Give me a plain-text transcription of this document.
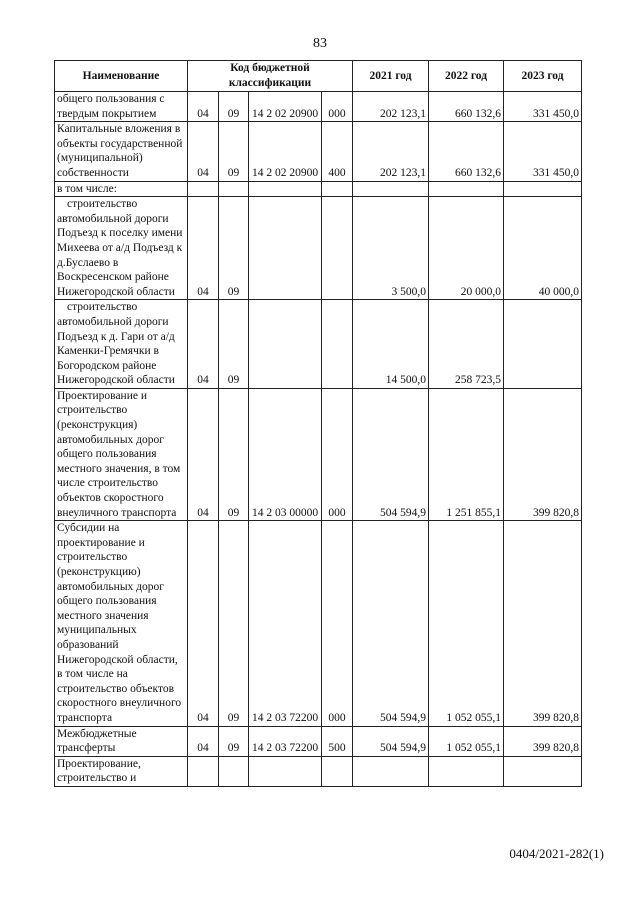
83
Наименование	Код бюджетной классификации				2021 год	2022 год	2023 год
общего пользования с твердым покрытием	04	09	14 2 02 20900	000	202 123,1	660 132,6	331 450,0
Капитальные вложения в объекты государственной (муниципальной) собственности	04	09	14 2 02 20900	400	202 123,1	660 132,6	331 450,0
в том числе:							
строительство автомобильной дороги Подъезд к поселку имени Михеева от а/д Подъезд к д.Буслаево в Воскресенском районе Нижегородской области	04	09			3 500,0	20 000,0	40 000,0
строительство автомобильной дороги Подъезд к д. Гари от а/д Каменки-Гремячки в Богородском районе Нижегородской области	04	09			14 500,0	258 723,5	
Проектирование и строительство (реконструкция) автомобильных дорог общего пользования местного значения, в том числе строительство объектов скоростного внеуличного транспорта	04	09	14 2 03 00000	000	504 594,9	1 251 855,1	399 820,8
Субсидии на проектирование и строительство (реконструкцию) автомобильных дорог общего пользования местного значения муниципальных образований Нижегородской области, в том числе на строительство объектов скоростного внеуличного транспорта	04	09	14 2 03 72200	000	504 594,9	1 052 055,1	399 820,8
Межбюджетные трансферты	04	09	14 2 03 72200	500	504 594,9	1 052 055,1	399 820,8
Проектирование, строительство и							
0404/2021-282(1)
